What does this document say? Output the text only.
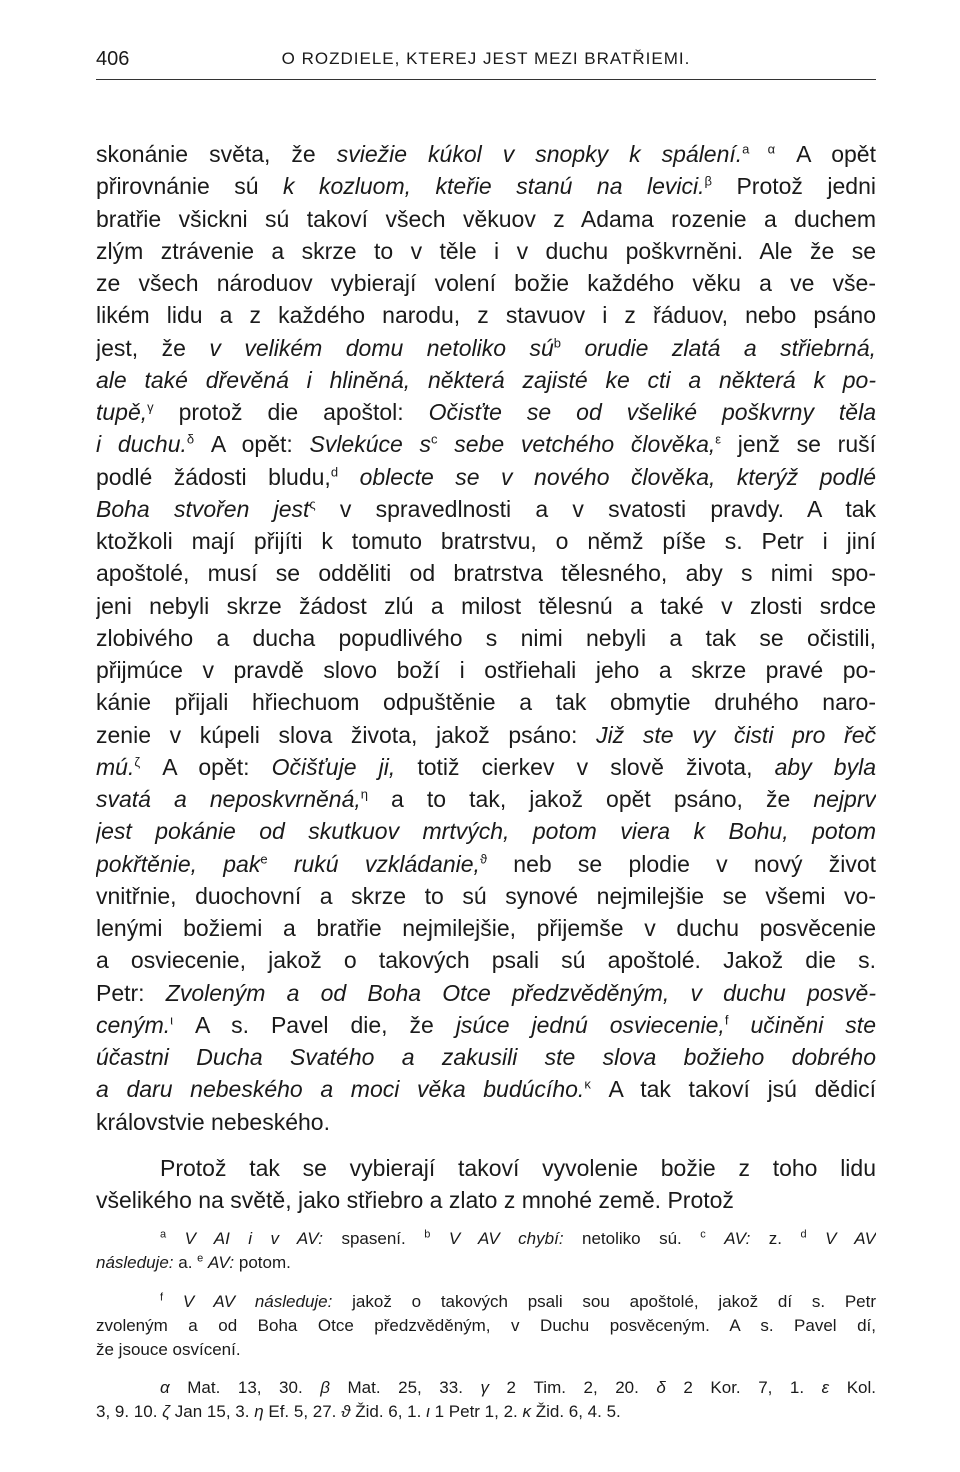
406	O ROZDIELE, KTEREJ JEST MEZI BRATŘIEMI.
skonánie světa, že sviežie kúkol v snopky k spálení.$^{a \alpha}$ A opět
přirovnánie sú k kozluom, kteřie stanú na levici.$^\beta$ Protož jedni
bratřie všickni sú takoví všech věkuov z Adama rozenie a duchem
zlým ztrávenie a skrze to v těle i v duchu poškvrněni. Ale že se
ze všech národuov vybierají volení božie každého věku a ve vše-
likém lidu a z každého narodu, z stavuov i z řáduov, nebo psáno
jest, že v velikém domu netoliko $sú^b$ orudie zlatá a střiebrná,
ale také dřevěná i hliněná, některá zajisté ke cti a některá k po-
tupě,$^\gamma$ protož die apoštol: Očisťte se od všeliké poškvrny těla
i duchu.$^\delta$ A opět: Svlekúce $s^c$ sebe vetchého člověka,$^\varepsilon$ jenž se ruší
podlé žádosti bludu,$^d$ oblecte se v nového člověka, kterýž podlé
Boha stvořen jest$^\varsigma$ v spravedlnosti a v svatosti pravdy. A tak
ktožkoli mají přijíti k tomuto bratrstvu, o němž píše s. Petr i jiní
apoštolé, musí se odděliti od bratrstva tělesného, aby s nimi spo-
jeni nebyli skrze žádost zlú a milost tělesnú a také v zlosti srdce
zlobivého a ducha popudlivého s nimi nebyli a tak se očistili,
přijmúce v pravdě slovo boží i ostřiehali jeho a skrze pravé po-
kánie přijali hřiechuom odpuštěnie a tak obmytie druhého naro-
zenie v kúpeli slova života, jakož psáno: Již ste vy čisti pro řeč
mú.$^\zeta$ A opět: Očišťuje ji, totiž cierkev v slově života, aby byla
svatá a neposkvrněná,$^\eta$ a to tak, jakož opět psáno, že nejprv
jest pokánie od skutkuov mrtvých, potom viera k Bohu, potom
pokřtěnie, pak$^e$ rukú vzkládanie,$^ϑ$ neb se plodie v nový život
vnitřnie, duochovní a skrze to sú synové nejmilejšie se všemi vo-
lenými božiemi a bratřie nejmilejšie, přijemše v duchu posvěcenie
a osviecenie, jakož o takových psali sú apoštolé. Jakož die s.
Petr: Zvoleným a od Boha Otce předzvěděným, v duchu posvě-
ceným.$^\iota$ A s. Pavel die, že jsúce jednú osviecenie,$^f$ učiněni ste
účastni Ducha Svatého a zakusili ste slova božieho dobrého
a daru nebeského a moci věka budúcího.$^\kappa$ A tak takoví jsú dědicí
královstvie nebeského.
Protož tak se vybierají takoví vyvolenie božie z toho lidu
všelikého na světě, jako střiebro a zlato z mnohé země. Protož
$^a$ V AI i v AV: spasení. $^b$ V AV chybí: netoliko sú. $^c$ AV: z. $^d$ V AV
následuje: a. $^e$ AV: potom.
$^f$ V AV následuje: jakož o takových psali sou apoštolé, jakož dí s. Petr
zvoleným a od Boha Otce předzvěděným, v Duchu posvěceným. A s. Pavel dí,
že jsouce osvícení.
α Mat. 13, 30. β Mat. 25, 33. γ 2 Tim. 2, 20. δ 2 Kor. 7, 1. ε Kol.
3, 9. 10. ζ Jan 15, 3. η Ef. 5, 27. ϑ Žid. 6, 1. ι 1 Petr 1, 2. κ Žid. 6, 4. 5.
